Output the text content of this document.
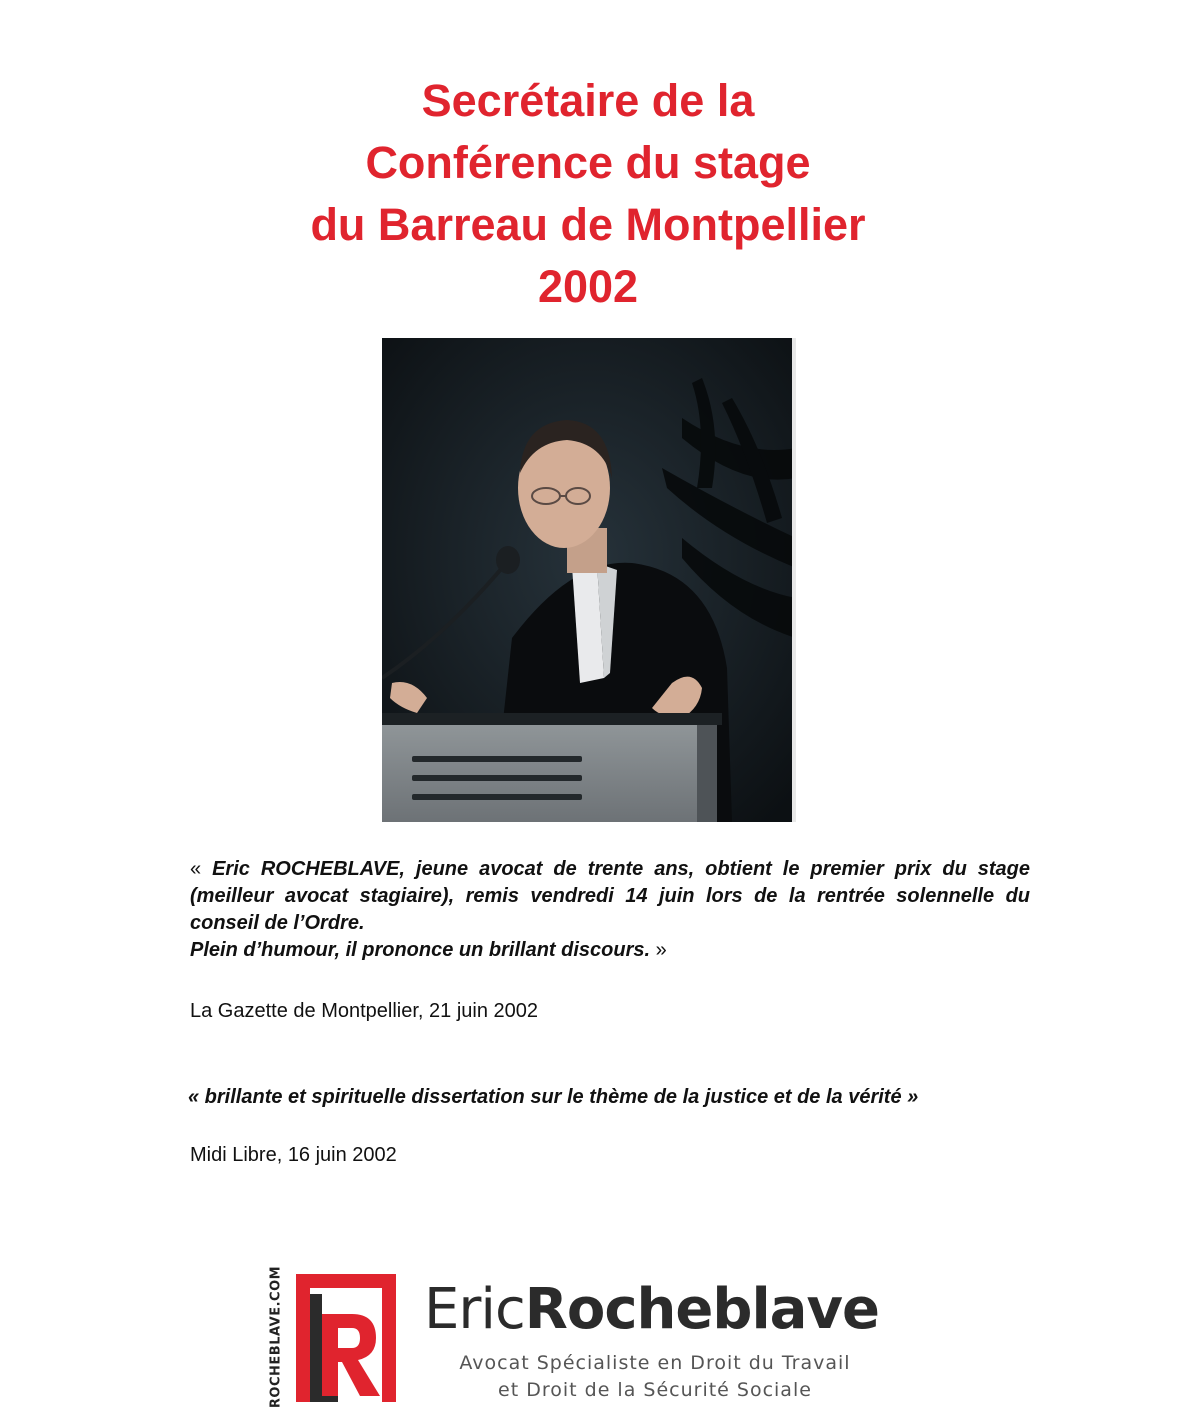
Secrétaire de la
Conférence du stage
du Barreau de Montpellier
2002

« Eric ROCHEBLAVE, jeune avocat de trente ans, obtient le premier prix du stage (meilleur avocat stagiaire), remis vendredi 14 juin lors de la rentrée solennelle du conseil de l’Ordre.
Plein d’humour, il prononce un brillant discours. »

La Gazette de Montpellier, 21 juin 2002

« brillante et spirituelle dissertation sur le thème de la justice et de la vérité »

Midi Libre, 16 juin 2002

ROCHEBLAVE.COM	EricRocheblave
Avocat Spécialiste en Droit du Travail
et Droit de la Sécurité Sociale
